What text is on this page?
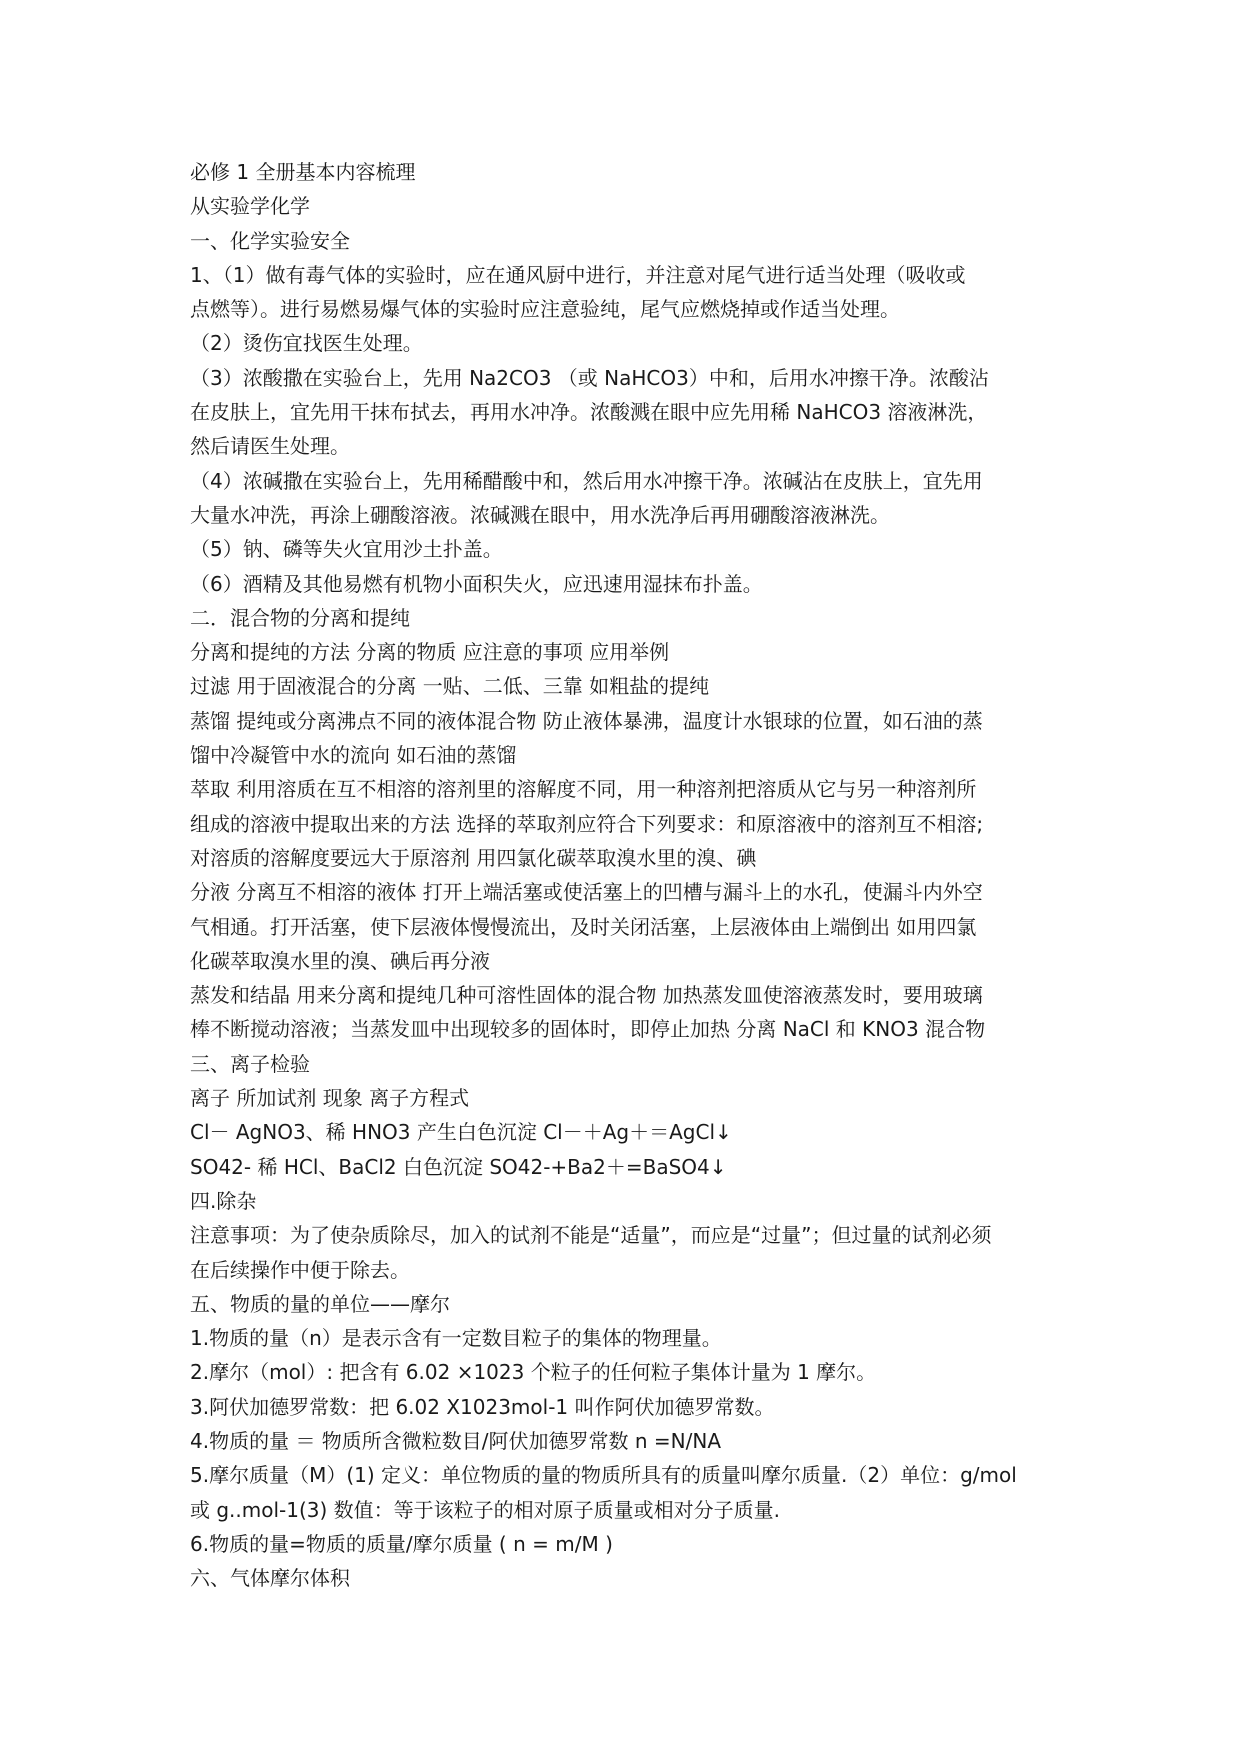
必修 1 全册基本内容梳理

从实验学化学

一、化学实验安全

1、（1）做有毒气体的实验时，应在通风厨中进行，并注意对尾气进行适当处理（吸收或

点燃等）。进行易燃易爆气体的实验时应注意验纯，尾气应燃烧掉或作适当处理。

（2）烫伤宜找医生处理。

（3）浓酸撒在实验台上，先用 Na2CO3 （或 NaHCO3）中和，后用水冲擦干净。浓酸沾

在皮肤上，宜先用干抹布拭去，再用水冲净。浓酸溅在眼中应先用稀 NaHCO3 溶液淋洗，

然后请医生处理。

（4）浓碱撒在实验台上，先用稀醋酸中和，然后用水冲擦干净。浓碱沾在皮肤上，宜先用

大量水冲洗，再涂上硼酸溶液。浓碱溅在眼中，用水洗净后再用硼酸溶液淋洗。

（5）钠、磷等失火宜用沙土扑盖。

（6）酒精及其他易燃有机物小面积失火，应迅速用湿抹布扑盖。

二．混合物的分离和提纯

分离和提纯的方法 分离的物质 应注意的事项 应用举例

过滤 用于固液混合的分离 一贴、二低、三靠 如粗盐的提纯

蒸馏 提纯或分离沸点不同的液体混合物 防止液体暴沸，温度计水银球的位置，如石油的蒸

馏中冷凝管中水的流向 如石油的蒸馏

萃取 利用溶质在互不相溶的溶剂里的溶解度不同，用一种溶剂把溶质从它与另一种溶剂所

组成的溶液中提取出来的方法 选择的萃取剂应符合下列要求：和原溶液中的溶剂互不相溶;

对溶质的溶解度要远大于原溶剂 用四氯化碳萃取溴水里的溴、碘

分液 分离互不相溶的液体 打开上端活塞或使活塞上的凹槽与漏斗上的水孔，使漏斗内外空

气相通。打开活塞，使下层液体慢慢流出，及时关闭活塞，上层液体由上端倒出 如用四氯

化碳萃取溴水里的溴、碘后再分液

蒸发和结晶 用来分离和提纯几种可溶性固体的混合物 加热蒸发皿使溶液蒸发时，要用玻璃

棒不断搅动溶液；当蒸发皿中出现较多的固体时，即停止加热 分离 NaCl 和 KNO3 混合物

三、离子检验

离子 所加试剂 现象 离子方程式

Cl－ AgNO3、稀 HNO3 产生白色沉淀 Cl－＋Ag＋＝AgCl↓

SO42- 稀 HCl、BaCl2 白色沉淀 SO42-+Ba2＋=BaSO4↓

四.除杂

注意事项：为了使杂质除尽，加入的试剂不能是“适量”，而应是“过量”；但过量的试剂必须

在后续操作中便于除去。

五、物质的量的单位——摩尔

1.物质的量（n）是表示含有一定数目粒子的集体的物理量。

2.摩尔（mol）: 把含有 6.02 ×1023 个粒子的任何粒子集体计量为 1 摩尔。

3.阿伏加德罗常数：把 6.02 X1023mol-1 叫作阿伏加德罗常数。

4.物质的量 ＝ 物质所含微粒数目/阿伏加德罗常数 n =N/NA

5.摩尔质量（M）(1) 定义：单位物质的量的物质所具有的质量叫摩尔质量.（2）单位：g/mol

或 g..mol-1(3) 数值：等于该粒子的相对原子质量或相对分子质量.

6.物质的量=物质的质量/摩尔质量 ( n = m/M )

六、气体摩尔体积
